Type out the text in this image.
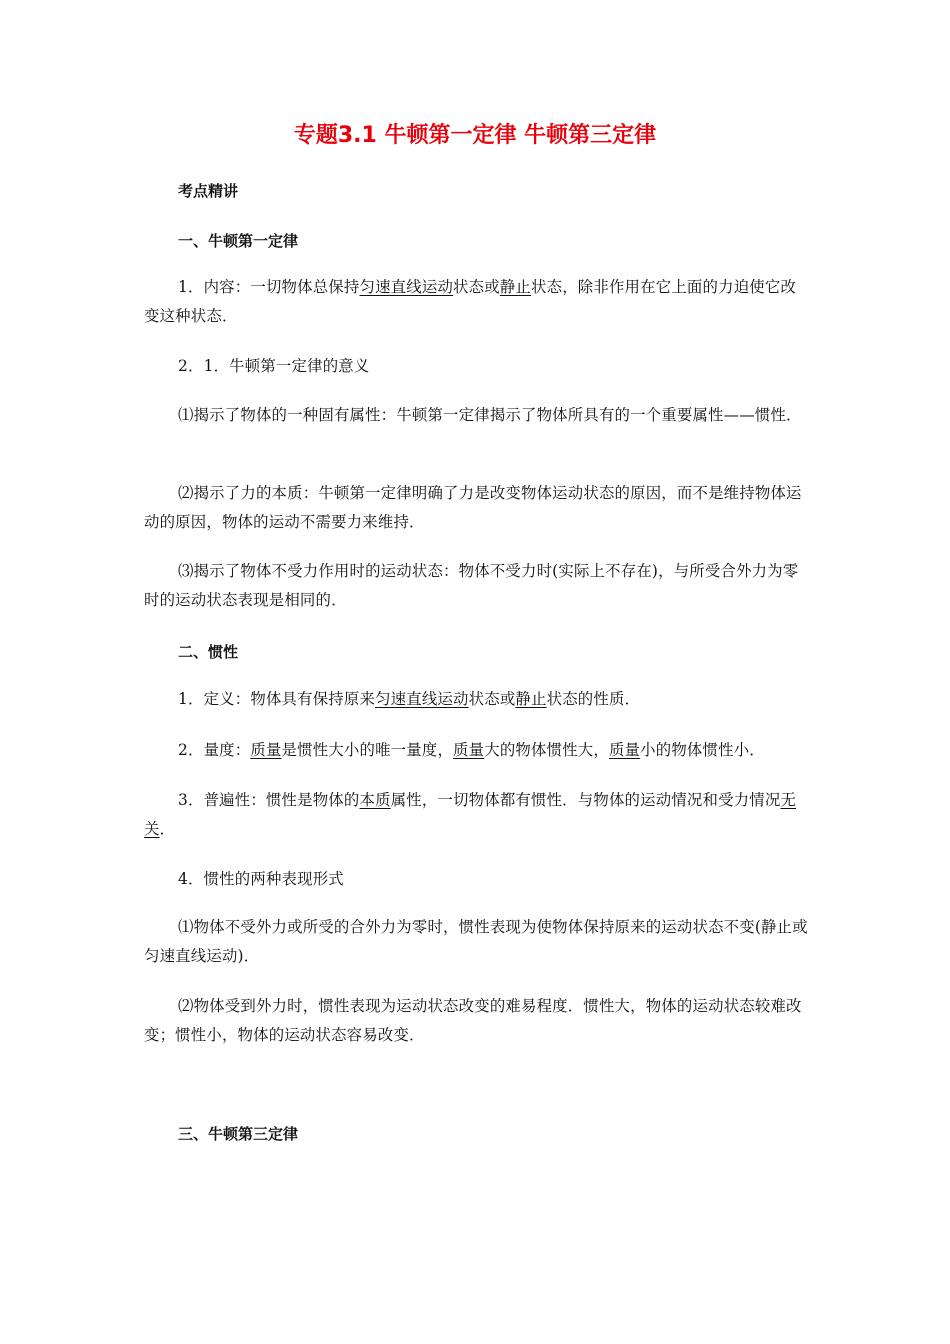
专题3.1 牛顿第一定律 牛顿第三定律
考点精讲
一、牛顿第一定律
1．内容：一切物体总保持匀速直线运动状态或静止状态，除非作用在它上面的力迫使它改变这种状态．
2．1．牛顿第一定律的意义
⑴揭示了物体的一种固有属性：牛顿第一定律揭示了物体所具有的一个重要属性——惯性．
⑵揭示了力的本质：牛顿第一定律明确了力是改变物体运动状态的原因，而不是维持物体运动的原因，物体的运动不需要力来维持．
⑶揭示了物体不受力作用时的运动状态：物体不受力时(实际上不存在)，与所受合外力为零时的运动状态表现是相同的．
二、惯性
1．定义：物体具有保持原来匀速直线运动状态或静止状态的性质．
2．量度：质量是惯性大小的唯一量度，质量大的物体惯性大，质量小的物体惯性小．
3．普遍性：惯性是物体的本质属性，一切物体都有惯性．与物体的运动情况和受力情况无关．
4．惯性的两种表现形式
⑴物体不受外力或所受的合外力为零时，惯性表现为使物体保持原来的运动状态不变(静止或匀速直线运动)．
⑵物体受到外力时，惯性表现为运动状态改变的难易程度．惯性大，物体的运动状态较难改变；惯性小，物体的运动状态容易改变．
三、牛顿第三定律
